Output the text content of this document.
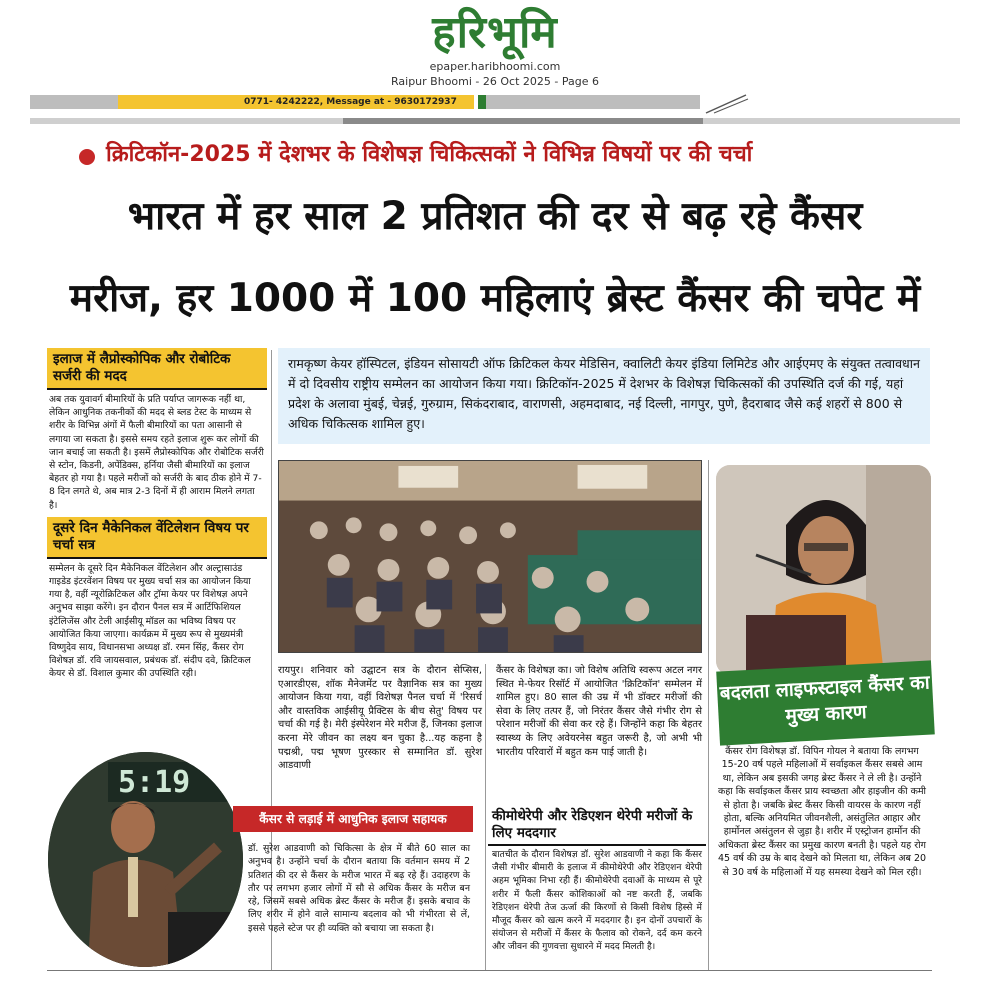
हरिभूमि
epaper.haribhoomi.com
Raipur Bhoomi - 26 Oct 2025 - Page 6
0771- 4242222, Message at - 9630172937
क्रिटिकॉन-2025 में देशभर के विशेषज्ञ चिकित्सकों ने विभिन्न विषयों पर की चर्चा
भारत में हर साल 2 प्रतिशत की दर से बढ़ रहे कैंसर
मरीज, हर 1000 में 100 महिलाएं ब्रेस्ट कैंसर की चपेट में
इलाज में लैप्रोस्कोपिक और रोबोटिक सर्जरी की मदद
अब तक युवावर्ग बीमारियों के प्रति पर्याप्त जागरूक नहीं था, लेकिन आधुनिक तकनीकों की मदद से ब्लड टेस्ट के माध्यम से शरीर के विभिन्न अंगों में फैली बीमारियों का पता आसानी से लगाया जा सकता है। इससे समय रहते इलाज शुरू कर लोगों की जान बचाई जा सकती है। इसमें लैप्रोस्कोपिक और रोबोटिक सर्जरी से स्टोन, किडनी, अपेंडिक्स, हर्निया जैसी बीमारियों का इलाज बेहतर हो गया है। पहले मरीजों को सर्जरी के बाद ठीक होने में 7-8 दिन लगते थे, अब मात्र 2-3 दिनों में ही आराम मिलने लगता है।
दूसरे दिन मैकेनिकल वेंटिलेशन विषय पर चर्चा सत्र
सम्मेलन के दूसरे दिन मैकेनिकल वेंटिलेशन और अल्ट्रासाउंड गाइडेड इंटरवेंशन विषय पर मुख्य चर्चा सत्र का आयोजन किया गया है, वहीं न्यूरोक्रिटिकल और ट्रॉमा केयर पर विशेषज्ञ अपने अनुभव साझा करेंगे। इन दौरान पैनल सत्र में आर्टिफिशियल इंटेलिजेंस और टेली आईसीयू मॉडल का भविष्य विषय पर आयोजित किया जाएगा। कार्यक्रम में मुख्य रूप से मुख्यमंत्री विष्णुदेव साय, विधानसभा अध्यक्ष डॉ. रमन सिंह, कैंसर रोग विशेषज्ञ डॉ. रवि जायसवाल, प्रबंधक डॉ. संदीप दवे, क्रिटिकल केयर से डॉ. विशाल कुमार की उपस्थिति रही।
रामकृष्ण केयर हॉस्पिटल, इंडियन सोसायटी ऑफ क्रिटिकल केयर मेडिसिन, क्वालिटी केयर इंडिया लिमिटेड और आईएमए के संयुक्त तत्वावधान में दो दिवसीय राष्ट्रीय सम्मेलन का आयोजन किया गया। क्रिटिकॉन-2025 में देशभर के विशेषज्ञ चिकित्सकों की उपस्थिति दर्ज की गई, यहां प्रदेश के अलावा मुंबई, चेन्नई, गुरुग्राम, सिकंदराबाद, वाराणसी, अहमदाबाद, नई दिल्ली, नागपुर, पुणे, हैदराबाद जैसे कई शहरों से 800 से अधिक चिकित्सक शामिल हुए।
बदलता लाइफस्टाइल कैंसर का मुख्य कारण
कैंसर रोग विशेषज्ञ डॉ. विपिन गोयल ने बताया कि लगभग 15-20 वर्ष पहले महिलाओं में सर्वाइकल कैंसर सबसे आम था, लेकिन अब इसकी जगह ब्रेस्ट कैंसर ने ले ली है। उन्होंने कहा कि सर्वाइकल कैंसर प्राय स्वच्छता और हाइजीन की कमी से होता है। जबकि ब्रेस्ट कैंसर किसी वायरस के कारण नहीं होता, बल्कि अनियमित जीवनशैली, असंतुलित आहार और हार्मोनल असंतुलन से जुड़ा है। शरीर में एस्ट्रोजन हार्मोन की अधिकता ब्रेस्ट कैंसर का प्रमुख कारण बनती है। पहले यह रोग 45 वर्ष की उम्र के बाद देखने को मिलता था, लेकिन अब 20 से 30 वर्ष के महिलाओं में यह समस्या देखने को मिल रही।
रायपुर। शनिवार को उद्घाटन सत्र के दौरान सेप्सिस, एआरडीएस, शॉक मैनेजमेंट पर वैज्ञानिक सत्र का मुख्य आयोजन किया गया, वहीं विशेषज्ञ पैनल चर्चा में 'रिसर्च और वास्तविक आईसीयू प्रैक्टिस के बीच सेतु' विषय पर चर्चा की गई है। मेरी इंस्पेरेशन मेरे मरीज हैं, जिनका इलाज करना मेरे जीवन का लक्ष्य बन चुका है...यह कहना है पद्मश्री, पद्म भूषण पुरस्कार से सम्मानित डॉ. सुरेश आडवाणी
कैंसर के विशेषज्ञ का। जो विशेष अतिथि स्वरूप अटल नगर स्थित मे-फेयर रिसॉर्ट में आयोजित 'क्रिटिकॉन' सम्मेलन में शामिल हुए। 80 साल की उम्र में भी डॉक्टर मरीजों की सेवा के लिए तत्पर हैं, जो निरंतर कैंसर जैसे गंभीर रोग से परेशान मरीजों की सेवा कर रहे हैं। जिन्होंने कहा कि बेहतर स्वास्थ्य के लिए अवेयरनेस बहुत जरूरी है, जो अभी भी भारतीय परिवारों में बहुत कम पाई जाती है।
कीमोथेरेपी और रेडिएशन थेरेपी मरीजों के लिए मददगार
बातचीत के दौरान विशेषज्ञ डॉ. सुरेश आडवाणी ने कहा कि कैंसर जैसी गंभीर बीमारी के इलाज में कीमोथेरेपी और रेडिएशन थेरेपी अहम भूमिका निभा रही हैं। कीमोथेरेपी दवाओं के माध्यम से पूरे शरीर में फैली कैंसर कोशिकाओं को नष्ट करती हैं, जबकि रेडिएशन थेरेपी तेज ऊर्जा की किरणों से किसी विशेष हिस्से में मौजूद कैंसर को खत्म करने में मददगार है। इन दोनों उपचारों के संयोजन से मरीजों में कैंसर के फैलाव को रोकने, दर्द कम करने और जीवन की गुणवत्ता सुधारने में मदद मिलती है।
5:19
कैंसर से लड़ाई में आधुनिक इलाज सहायक
डॉ. सुरेश आडवाणी को चिकित्सा के क्षेत्र में बीते 60 साल का अनुभव है। उन्होंने चर्चा के दौरान बताया कि वर्तमान समय में 2 प्रतिशत की दर से कैंसर के मरीज भारत में बढ़ रहे हैं। उदाहरण के तौर पर लगभग हजार लोगों में सौ से अधिक कैंसर के मरीज बन रहे, जिसमें सबसे अधिक ब्रेस्ट कैंसर के मरीज हैं। इसके बचाव के लिए शरीर में होने वाले सामान्य बदलाव को भी गंभीरता से लें, इससे पहले स्टेज पर ही व्यक्ति को बचाया जा सकता है।
